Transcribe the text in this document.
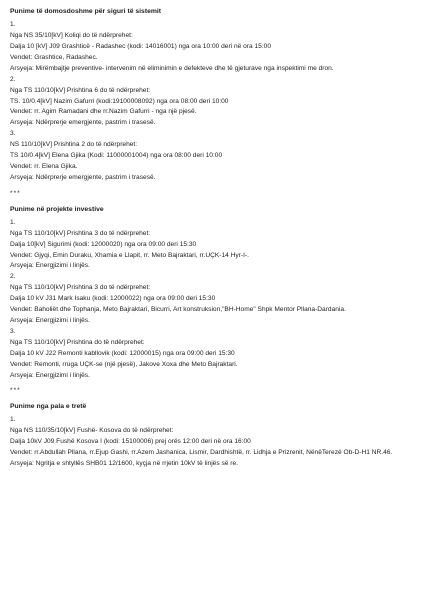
Punime të domosdoshme për siguri të sistemit
1.
Nga NS 35/10[kV] Koliqi do të ndërprehet:
Dalja 10 [kV] J09 Grashticë - Radashec (kodi: 14016001) nga ora 10:00 deri në ora 15:00
Vendet: Grashtice, Radashec.
Arsyeja: Mirëmbajtje preventive- intervenim në eliminimin e defekteve dhe të gjeturave nga inspektimi me dron.
2.
Nga TS 110/10[kV] Prishtina 6 do të ndërprehet:
TS. 10/0.4[kV] Nazim Gafurri (kodi:19100008092) nga ora 08:00 deri 10:00
Vendet: rr. Agim Ramadani dhe rr.Nazim Gafurri - nga një pjesë.
Arsyeja: Ndërprerje emergjente, pastrim i trasesë.
3.
NS 110/10[kV] Prishtina 2 do të ndërprehet:
TS 10/0.4[kV] Elena Gjika (Kodi: 11000001004) nga ora 08:00 deri 10:00
Vendet: rr. Elena Gjika.
Arsyeja: Ndërprerje emergjente, pastrim i trasesë.
***
Punime në projekte investive
1.
Nga TS 110/10[kV] Prishtina 3 do të ndërprehet:
Dalja 10[kV] Sigurimi (kodi: 12000020) nga ora 09:00 deri 15:30
Vendet: Gjyqi, Emin Duraku, Xhamia e Llapit, rr. Meto Bajraktari, rr.UÇK-14 Hyr-I-.
Arsyeja: Energjizimi i linjës.
2.
Nga TS 110/10[kV] Prishtina 3 do të ndërprehet:
Dalja 10 kV J31 Mark Isaku (kodi: 12000022) nga ora 09:00 deri 15:30
Vendet: Baholiët dhe Tophanja, Meto Bajraktari, Bicurri, Art konstruksion,"BH-Home" Shpk Mentor Pllana-Dardania.
Arsyeja: Energjizimi i linjës.
3.
Nga TS 110/10[kV] Prishtina do të ndërprehet:
Dalja 10 kV J22 Remonti kabllovik (kodi: 12000015) nga ora 09:00 deri 15:30
Vendet: Remonti, rruga UÇK-se (një pjesë), Jakove Xoxa dhe Meto Bajraktari.
Arsyeja: Energjizimi i linjës.
***
Punime nga pala e tretë
1.
Nga NS 110/35/10[kV] Fushë- Kosova do të ndërprehet:
Dalja 10kV J09 Fushë Kosova I (kodi: 15100006) prej orës 12:00 deri në ora 16:00
Vendet: rr.Abdullah Pllana, rr.Ejup Gashi, rr.Azem Jashanica, Lismir, Dardhishtë, rr. Lidhja e Prizrenit, NënëTerezë Ob-D-H1 NR.46.
Arsyeja: Ngritja e shtyllës SHB01 12/1600, kyçja në rrjetin 10kV të linjës së re.
